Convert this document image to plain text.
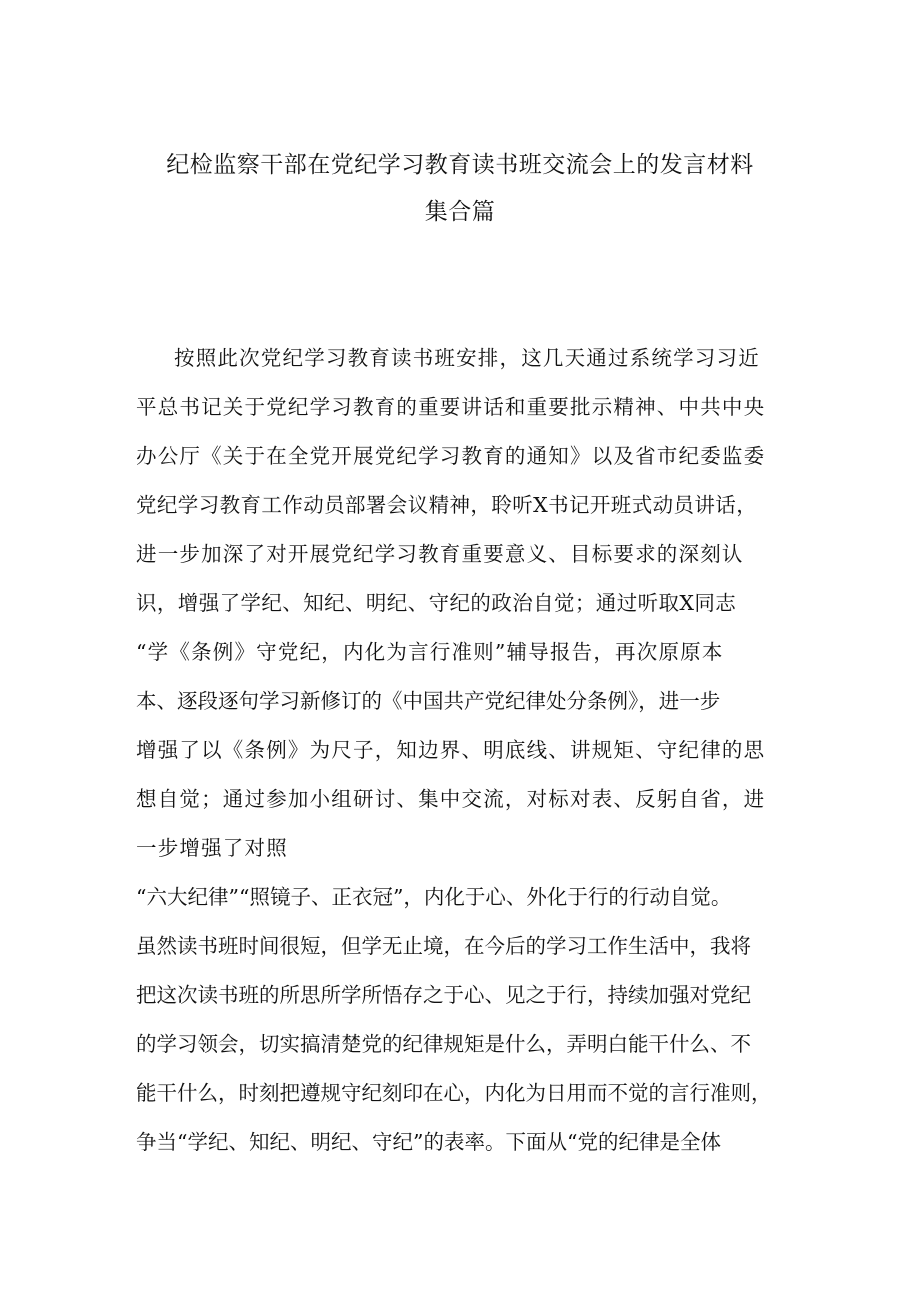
纪检监察干部在党纪学习教育读书班交流会上的发言材料
集合篇
按照此次党纪学习教育读书班安排，这几天通过系统学习习近
平总书记关于党纪学习教育的重要讲话和重要批示精神、中共中央
办公厅《关于在全党开展党纪学习教育的通知》以及省市纪委监委
党纪学习教育工作动员部署会议精神，聆听X书记开班式动员讲话，
进一步加深了对开展党纪学习教育重要意义、目标要求的深刻认
识，增强了学纪、知纪、明纪、守纪的政治自觉；通过听取X同志
“学《条例》守党纪，内化为言行准则”辅导报告，再次原原本
本、逐段逐句学习新修订的《中国共产党纪律处分条例》，进一步
增强了以《条例》为尺子，知边界、明底线、讲规矩、守纪律的思
想自觉；通过参加小组研讨、集中交流，对标对表、反躬自省，进
一步增强了对照
“六大纪律”“照镜子、正衣冠”，内化于心、外化于行的行动自觉。
虽然读书班时间很短，但学无止境，在今后的学习工作生活中，我将
把这次读书班的所思所学所悟存之于心、见之于行，持续加强对党纪
的学习领会，切实搞清楚党的纪律规矩是什么，弄明白能干什么、不
能干什么，时刻把遵规守纪刻印在心，内化为日用而不觉的言行准则，
争当“学纪、知纪、明纪、守纪”的表率。下面从“党的纪律是全体
